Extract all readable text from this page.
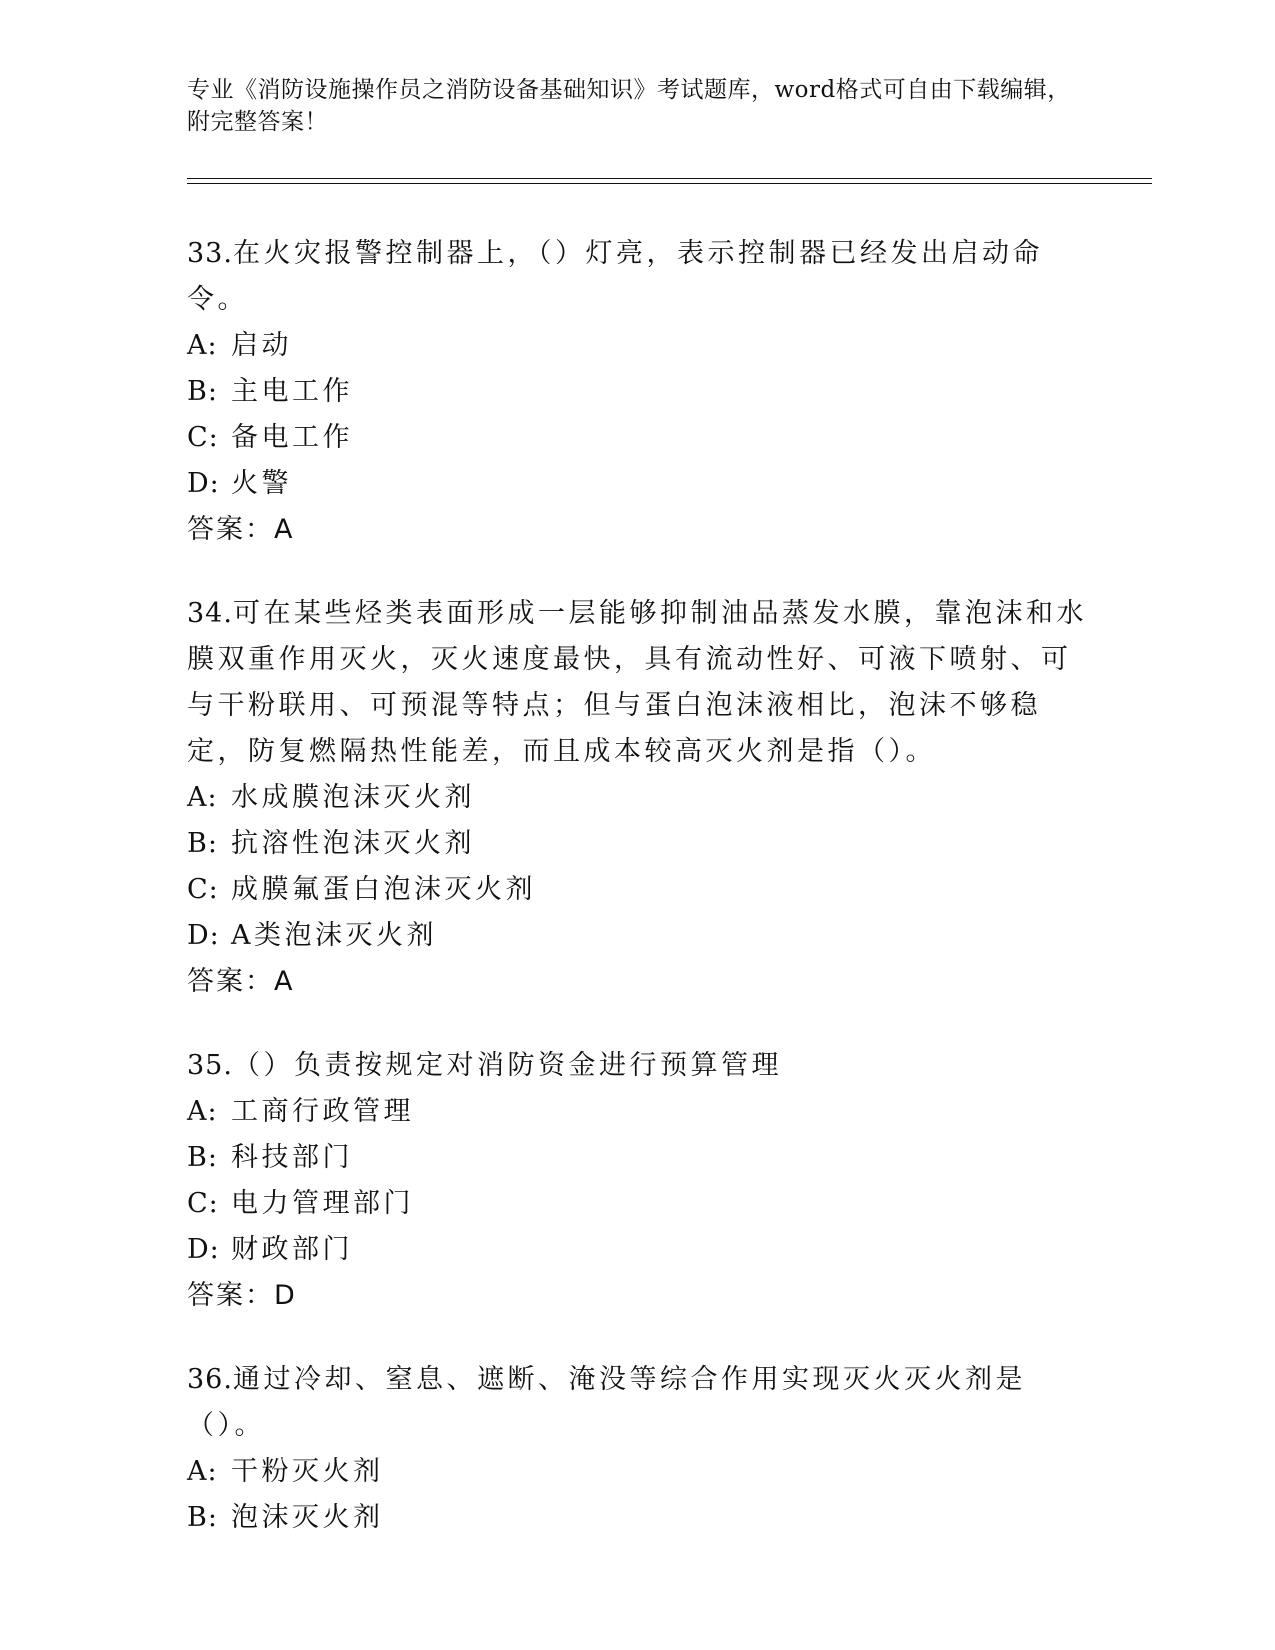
专业《消防设施操作员之消防设备基础知识》考试题库，word格式可自由下载编辑，附完整答案！

33.在火灾报警控制器上，（）灯亮，表示控制器已经发出启动命令。

A: 启动

B: 主电工作

C: 备电工作

D: 火警

答案：A

34.可在某些烃类表面形成一层能够抑制油品蒸发水膜，靠泡沫和水膜双重作用灭火，灭火速度最快，具有流动性好、可液下喷射、可与干粉联用、可预混等特点；但与蛋白泡沫液相比，泡沫不够稳定，防复燃隔热性能差，而且成本较高灭火剂是指（）。

A: 水成膜泡沫灭火剂

B: 抗溶性泡沫灭火剂

C: 成膜氟蛋白泡沫灭火剂

D: A类泡沫灭火剂

答案：A

35.（）负责按规定对消防资金进行预算管理

A: 工商行政管理

B: 科技部门

C: 电力管理部门

D: 财政部门

答案：D

36.通过冷却、窒息、遮断、淹没等综合作用实现灭火灭火剂是（）。

A: 干粉灭火剂

B: 泡沫灭火剂
